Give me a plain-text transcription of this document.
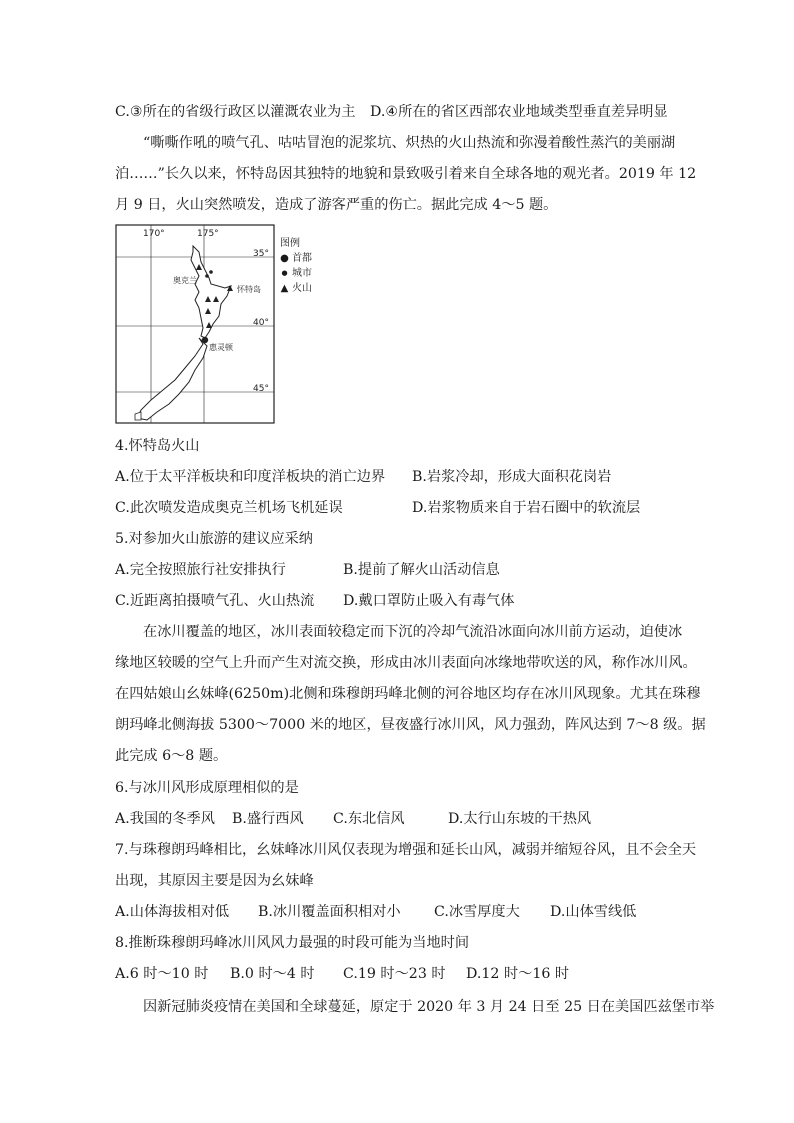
C.③所在的省级行政区以灌溉农业为主 D.④所在的省区西部农业地域类型垂直差异明显
“嘶嘶作吼的喷气孔、咕咕冒泡的泥浆坑、炽热的火山热流和弥漫着酸性蒸汽的美丽湖
泊……”长久以来，怀特岛因其独特的地貌和景致吸引着来自全球各地的观光者。2019 年 12
月 9 日，火山突然喷发，造成了游客严重的伤亡。据此完成 4～5 题。
170°	175°
35°
40°
45°
奥克兰
怀特岛
惠灵顿
图例
● 首都
● 城市
▲ 火山
4.怀特岛火山
A.位于太平洋板块和印度洋板块的消亡边界 B.岩浆冷却，形成大面积花岗岩
C.此次喷发造成奥克兰机场飞机延误	D.岩浆物质来自于岩石圈中的软流层
5.对参加火山旅游的建议应采纳
A.完全按照旅行社安排执行	B.提前了解火山活动信息
C.近距离拍摄喷气孔、火山热流 D.戴口罩防止吸入有毒气体
在冰川覆盖的地区，冰川表面较稳定而下沉的冷却气流沿冰面向冰川前方运动，迫使冰
缘地区较暖的空气上升而产生对流交换，形成由冰川表面向冰缘地带吹送的风，称作冰川风。
在四姑娘山幺妹峰(6250m)北侧和珠穆朗玛峰北侧的河谷地区均存在冰川风现象。尤其在珠穆
朗玛峰北侧海拔 5300～7000 米的地区，昼夜盛行冰川风，风力强劲，阵风达到 7～8 级。据
此完成 6～8 题。
6.与冰川风形成原理相似的是
A.我国的冬季风 B.盛行西风 C.东北信风	D.太行山东坡的干热风
7.与珠穆朗玛峰相比，幺妹峰冰川风仅表现为增强和延长山风，减弱并缩短谷风，且不会全天
出现，其原因主要是因为幺妹峰
A.山体海拔相对低 B.冰川覆盖面积相对小 C.冰雪厚度大 D.山体雪线低
8.推断珠穆朗玛峰冰川风风力最强的时段可能为当地时间
A.6 时～10 时 B.0 时～4 时 C.19 时～23 时 D.12 时～16 时
因新冠肺炎疫情在美国和全球蔓延，原定于 2020 年 3 月 24 日至 25 日在美国匹兹堡市举
